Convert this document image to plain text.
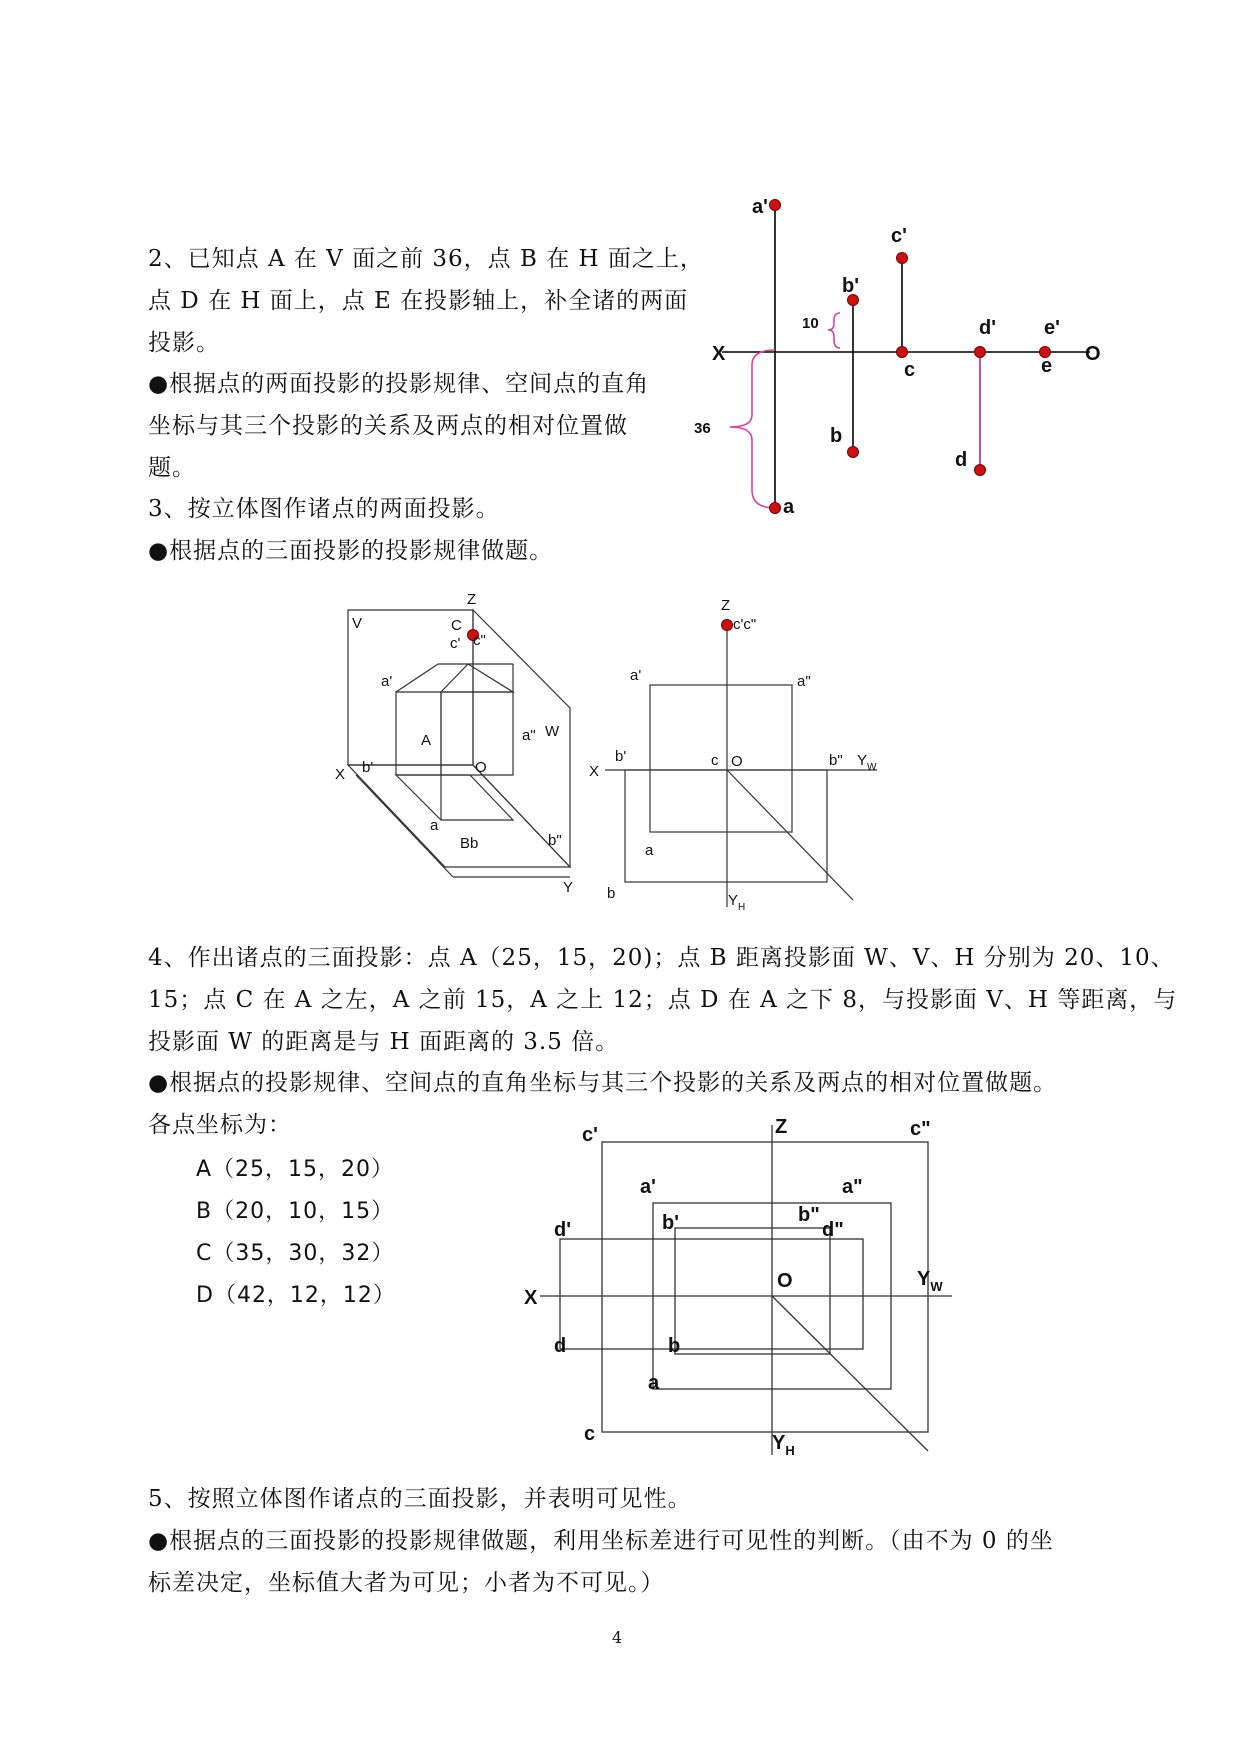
2、已知点 A 在 V 面之前 36，点 B 在 H 面之上，
点 D 在 H 面上，点 E 在投影轴上，补全诸的两面
投影。
●根据点的两面投影的投影规律、空间点的直角
坐标与其三个投影的关系及两点的相对位置做
题。
3、按立体图作诸点的两面投影。
●根据点的三面投影的投影规律做题。
a'
a
b'
b
c'
c
d'
d
e'
e
X	O
10
36
V
Z
C
c' c"
a'
A	a" W
X b'	O
a
Bb	b"
Y
Z
c'c"
a'	a"
X
b'	c O	b" $Y_W$
a
b	$Y_H$
4、作出诸点的三面投影：点 A（25，15，20)；点 B 距离投影面 W、V、H 分别为 20、10、
15；点 C 在 A 之左，A 之前 15，A 之上 12；点 D 在 A 之下 8，与投影面 V、H 等距离，与
投影面 W 的距离是与 H 面距离的 3.5 倍。
●根据点的投影规律、空间点的直角坐标与其三个投影的关系及两点的相对位置做题。
各点坐标为：
A（25，15，20）
B（20，10，15）
C（35，30，32）
D（42，12，12）
c'	Z	c"
a'	a"
d'	b'	b"
d"
X
O	$Y_W$
d	b
a
c	$Y_H$
5、按照立体图作诸点的三面投影，并表明可见性。
●根据点的三面投影的投影规律做题，利用坐标差进行可见性的判断。（由不为 0 的坐
标差决定，坐标值大者为可见；小者为不可见。）
4
